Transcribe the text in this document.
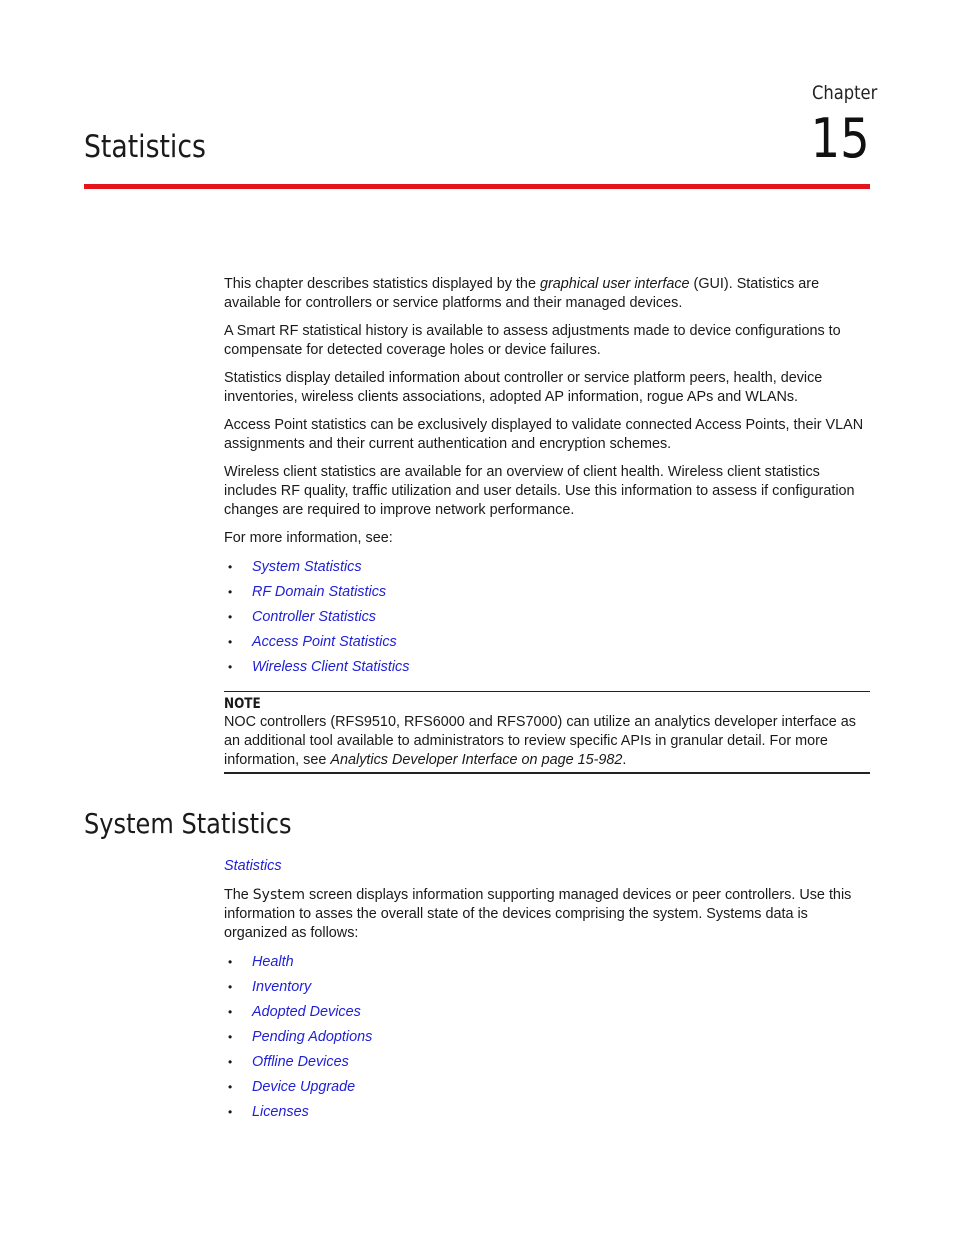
Chapter
15
Statistics

This chapter describes statistics displayed by the graphical user interface (GUI). Statistics are available for controllers or service platforms and their managed devices.

A Smart RF statistical history is available to assess adjustments made to device configurations to compensate for detected coverage holes or device failures.

Statistics display detailed information about controller or service platform peers, health, device inventories, wireless clients associations, adopted AP information, rogue APs and WLANs.

Access Point statistics can be exclusively displayed to validate connected Access Points, their VLAN assignments and their current authentication and encryption schemes.

Wireless client statistics are available for an overview of client health. Wireless client statistics includes RF quality, traffic utilization and user details. Use this information to assess if configuration changes are required to improve network performance.

For more information, see:

• System Statistics
• RF Domain Statistics
• Controller Statistics
• Access Point Statistics
• Wireless Client Statistics
NOTE
NOC controllers (RFS9510, RFS6000 and RFS7000) can utilize an analytics developer interface as an additional tool available to administrators to review specific APIs in granular detail. For more information, see Analytics Developer Interface on page 15-982.
System Statistics
Statistics

The System screen displays information supporting managed devices or peer controllers. Use this information to asses the overall state of the devices comprising the system. Systems data is organized as follows:

• Health
• Inventory
• Adopted Devices
• Pending Adoptions
• Offline Devices
• Device Upgrade
• Licenses
